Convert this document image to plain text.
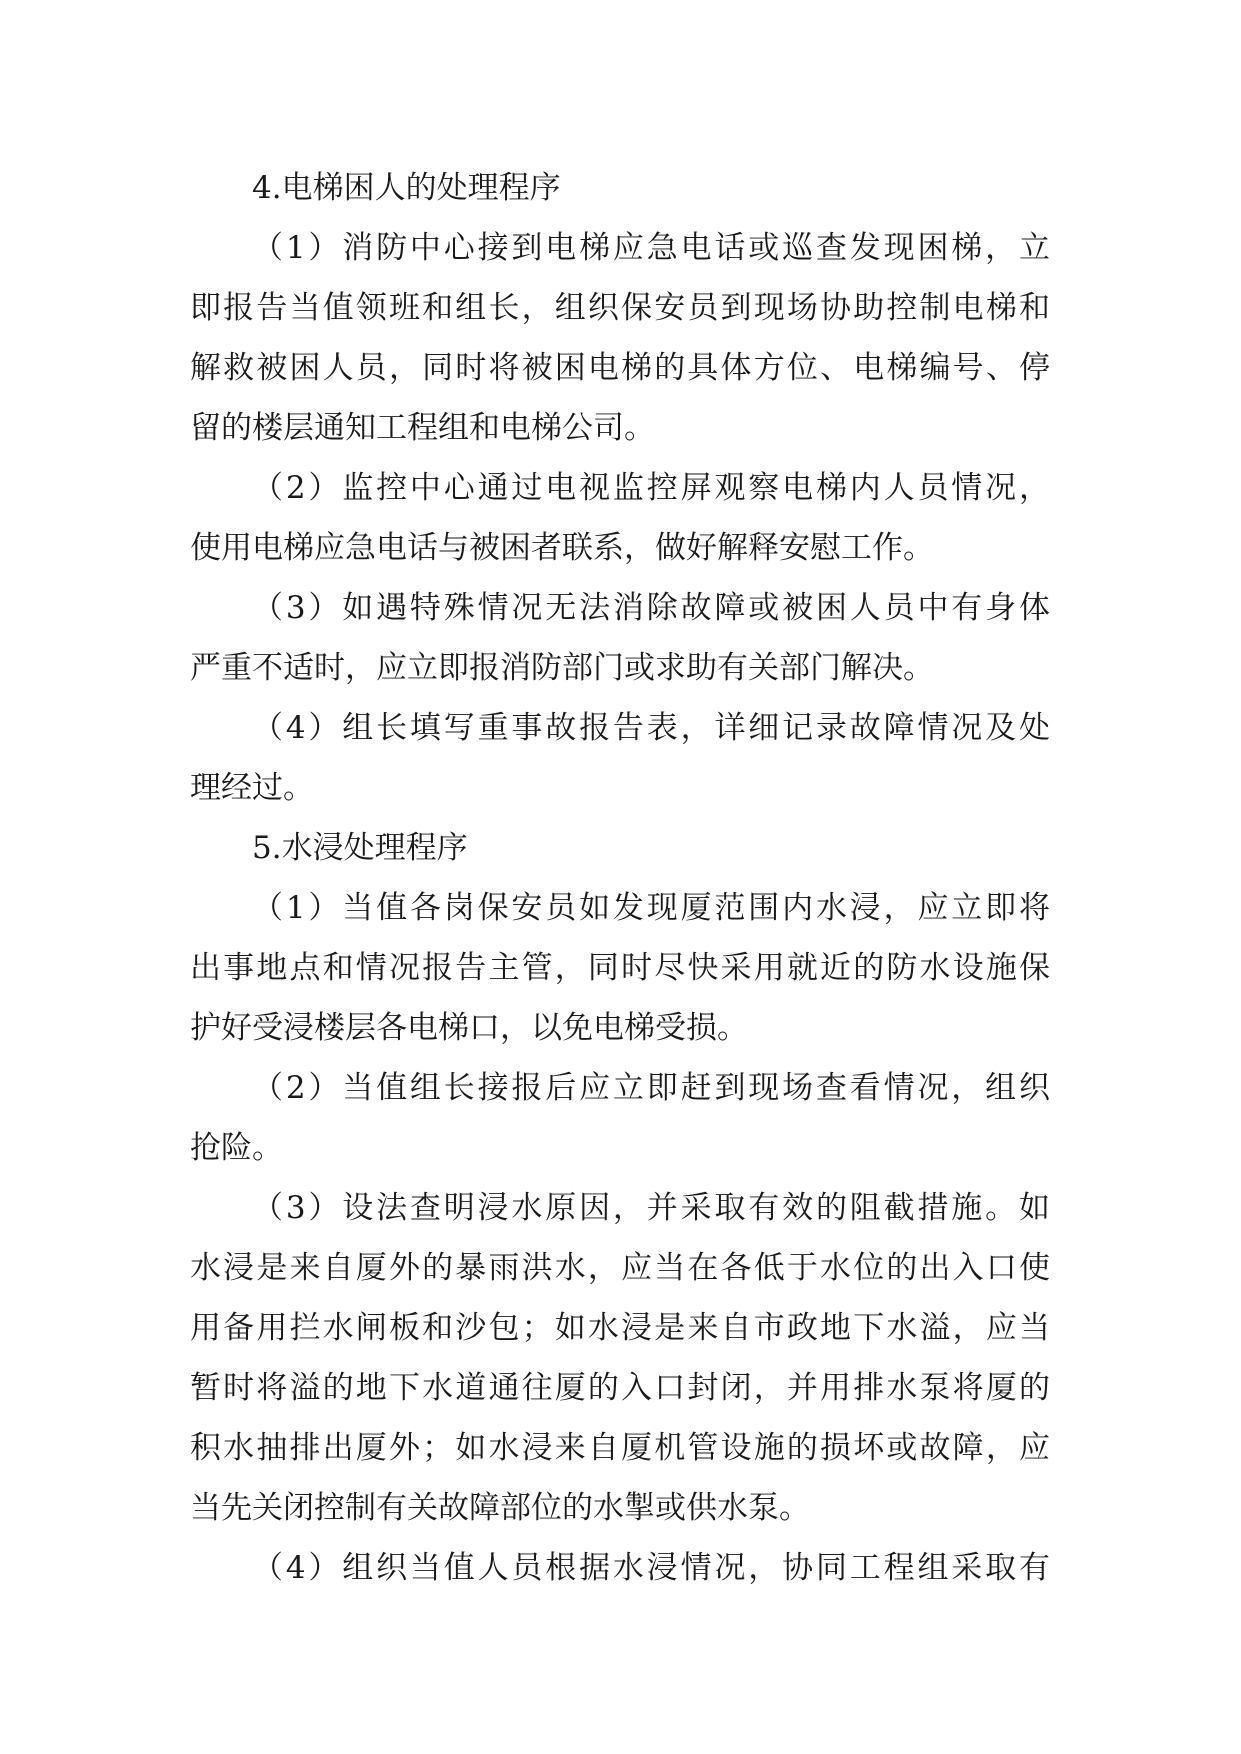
4.电梯困人的处理程序
（1）消防中心接到电梯应急电话或巡查发现困梯，立
即报告当值领班和组长，组织保安员到现场协助控制电梯和
解救被困人员，同时将被困电梯的具体方位、电梯编号、停
留的楼层通知工程组和电梯公司。
（2）监控中心通过电视监控屏观察电梯内人员情况，
使用电梯应急电话与被困者联系，做好解释安慰工作。
（3）如遇特殊情况无法消除故障或被困人员中有身体
严重不适时，应立即报消防部门或求助有关部门解决。
（4）组长填写重事故报告表，详细记录故障情况及处
理经过。
5.水浸处理程序
（1）当值各岗保安员如发现厦范围内水浸，应立即将
出事地点和情况报告主管，同时尽快采用就近的防水设施保
护好受浸楼层各电梯口，以免电梯受损。
（2）当值组长接报后应立即赶到现场查看情况，组织
抢险。
（3）设法查明浸水原因，并采取有效的阻截措施。如
水浸是来自厦外的暴雨洪水，应当在各低于水位的出入口使
用备用拦水闸板和沙包；如水浸是来自市政地下水溢，应当
暂时将溢的地下水道通往厦的入口封闭，并用排水泵将厦的
积水抽排出厦外；如水浸来自厦机管设施的损坏或故障，应
当先关闭控制有关故障部位的水掣或供水泵。
（4）组织当值人员根据水浸情况，协同工程组采取有
